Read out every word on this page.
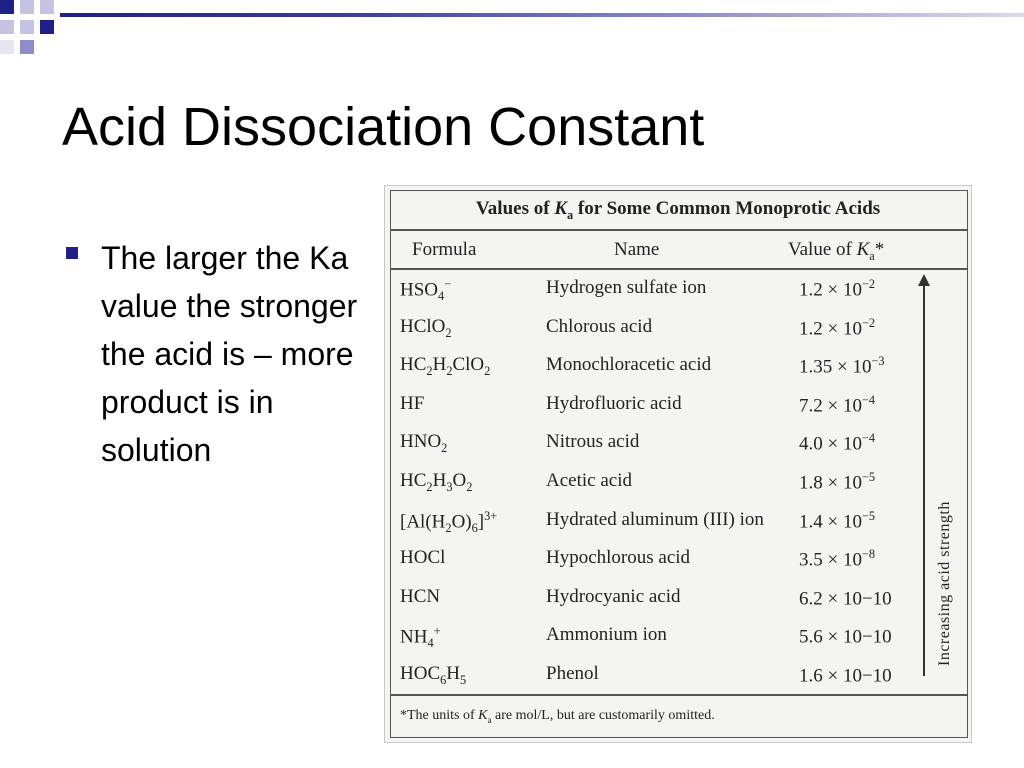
Acid Dissociation Constant
The larger the Ka value the stronger the acid is – more product is in solution
Values of $K_a$ for Some Common Monoprotic Acids
Formula	Name	Value of $K_a*$
$HSO_4^-$	Hydrogen sulfate ion	$1.2 \times 10^{-2}$
HClO$_2$	Chlorous acid	$1.2 \times 10^{-2}$
$HC_2H_2ClO_2$	Monochloracetic acid	$1.35 \times 10^{-3}$
HF	Hydrofluoric acid	$7.2 \times 10^{-4}$
$HNO_2$	Nitrous acid	$4.0 \times 10^{-4}$
$HC_2H_3O_2$	Acetic acid	$1.8 \times 10^{-5}$
$[Al(H_2O)_6]^{3+}$	Hydrated aluminum (III) ion $1.4 \times 10^{-5}$
HOCl	Hypochlorous acid	$3.5 \times 10^{-8}$
HCN	Hydrocyanic acid	6.2 × 10−10
$NH_4^+$	Ammonium ion	5.6 × 10−10
$HOC_6H_5$	Phenol	1.6 × 10−10
Increasing acid strength
*The units of $K_a$ are mol/L, but are customarily omitted.
